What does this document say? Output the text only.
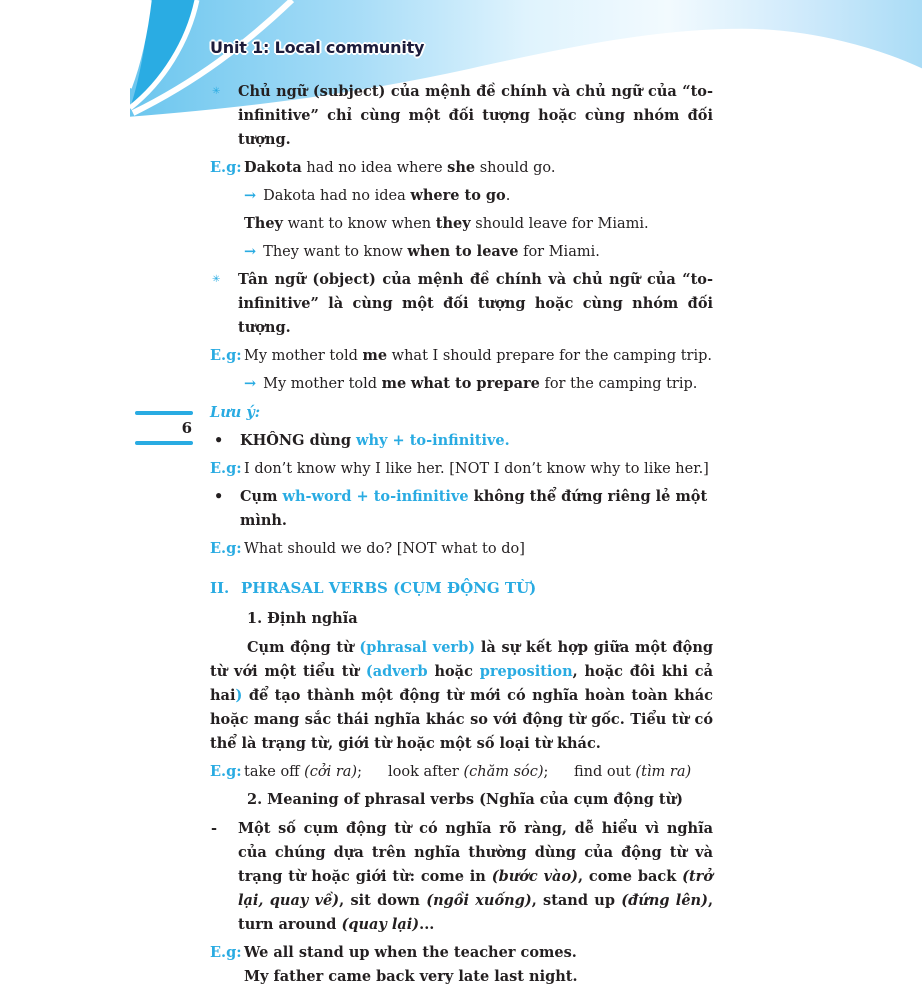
Unit 1: Local community
6
✳ Chủ ngữ (subject) của mệnh đề chính và chủ ngữ của “to-infinitive” chỉ cùng một đối tượng hoặc cùng nhóm đối tượng.
E.g: Dakota had no idea where she should go.
→ Dakota had no idea where to go.
They want to know when they should leave for Miami.
→ They want to know when to leave for Miami.
✳ Tân ngữ (object) của mệnh đề chính và chủ ngữ của “to-infinitive” là cùng một đối tượng hoặc cùng nhóm đối tượng.
E.g: My mother told me what I should prepare for the camping trip.
→ My mother told me what to prepare for the camping trip.
Lưu ý:
• KHÔNG dùng why + to-infinitive.
E.g: I don’t know why I like her. [NOT I don’t know why to like her.]
• Cụm wh-word + to-infinitive không thể đứng riêng lẻ một mình.
E.g: What should we do? [NOT what to do]
II. PHRASAL VERBS (CỤM ĐỘNG TỪ)
1. Định nghĩa
Cụm động từ (phrasal verb) là sự kết hợp giữa một động từ với một tiểu từ (adverb hoặc preposition, hoặc đôi khi cả hai) để tạo thành một động từ mới có nghĩa hoàn toàn khác hoặc mang sắc thái nghĩa khác so với động từ gốc. Tiểu từ có thể là trạng từ, giới từ hoặc một số loại từ khác.
E.g: take off (cởi ra); look after (chăm sóc); find out (tìm ra)
2. Meaning of phrasal verbs (Nghĩa của cụm động từ)
- Một số cụm động từ có nghĩa rõ ràng, dễ hiểu vì nghĩa của chúng dựa trên nghĩa thường dùng của động từ và trạng từ hoặc giới từ: come in (bước vào), come back (trở lại, quay về), sit down (ngồi xuống), stand up (đứng lên), turn around (quay lại)...
E.g: We all stand up when the teacher comes.
My father came back very late last night.
